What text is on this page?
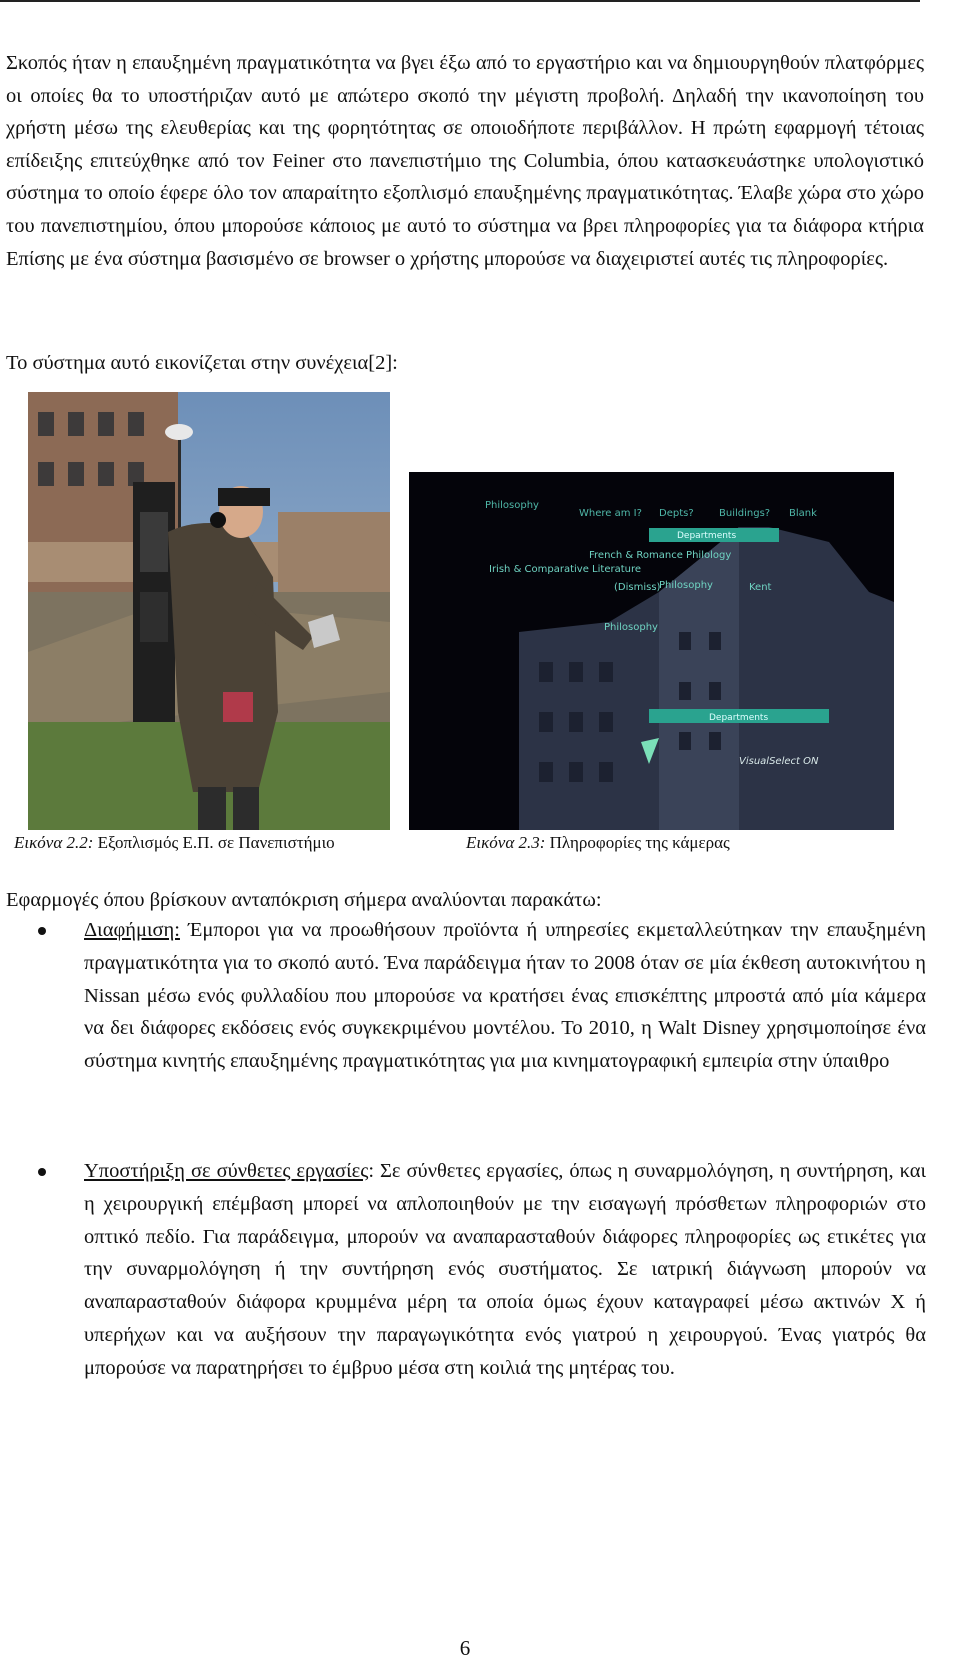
Σκοπός ήταν η επαυξημένη πραγματικότητα να βγει έξω από το εργαστήριο και να δημιουργηθούν πλατφόρμες οι οποίες θα το υποστήριζαν αυτό με απώτερο σκοπό την μέγιστη προβολή. Δηλαδή την ικανοποίηση του χρήστη μέσω της ελευθερίας και της φορητότητας σε οποιοδήποτε περιβάλλον. Η πρώτη εφαρμογή τέτοιας επίδειξης επιτεύχθηκε από τον Feiner στο πανεπιστήμιο της Columbia, όπου κατασκευάστηκε υπολογιστικό σύστημα το οποίο έφερε όλο τον απαραίτητο εξοπλισμό επαυξημένης πραγματικότητας. Έλαβε χώρα στο χώρο του πανεπιστημίου, όπου μπορούσε κάποιος με αυτό το σύστημα να βρει πληροφορίες για τα διάφορα κτήρια Επίσης με ένα σύστημα βασισμένο σε browser ο χρήστης μπορούσε να διαχειριστεί αυτές τις πληροφορίες.

Το σύστημα αυτό εικονίζεται στην συνέχεια[2]:

Philosophy
Where am I? Depts?	Buildings? Blank
Departments
French & Romance Philology
Irish & Comparative Literature
Philosophy
(Dismiss)	Kent
Philosophy
Departments
VisualSelect ON

Εικόνα 2.2: Εξοπλισμός Ε.Π. σε Πανεπιστήμιο	Εικόνα 2.3: Πληροφορίες της κάμερας

Εφαρμογές όπου βρίσκουν ανταπόκριση σήμερα αναλύονται παρακάτω:

Διαφήμιση: Έμποροι για να προωθήσουν προϊόντα ή υπηρεσίες εκμεταλλεύτηκαν την επαυξημένη πραγματικότητα για το σκοπό αυτό. Ένα παράδειγμα ήταν το 2008 όταν σε μία έκθεση αυτοκινήτου η Nissan μέσω ενός φυλλαδίου που μπορούσε να κρατήσει ένας επισκέπτης μπροστά από μία κάμερα να δει διάφορες εκδόσεις ενός συγκεκριμένου μοντέλου. Το 2010, η Walt Disney χρησιμοποίησε ένα σύστημα κινητής επαυξημένης πραγματικότητας για μια κινηματογραφική εμπειρία στην ύπαιθρο

Υποστήριξη σε σύνθετες εργασίες: Σε σύνθετες εργασίες, όπως η συναρμολόγηση, η συντήρηση, και η χειρουργική επέμβαση μπορεί να απλοποιηθούν με την εισαγωγή πρόσθετων πληροφοριών στο οπτικό πεδίο. Για παράδειγμα, μπορούν να αναπαρασταθούν διάφορες πληροφορίες ως ετικέτες για την συναρμολόγηση ή την συντήρηση ενός συστήματος. Σε ιατρική διάγνωση μπορούν να αναπαρασταθούν διάφορα κρυμμένα μέρη τα οποία όμως έχουν καταγραφεί μέσω ακτινών Χ ή υπερήχων και να αυξήσουν την παραγωγικότητα ενός γιατρού η χειρουργού. Ένας γιατρός θα μπορούσε να παρατηρήσει το έμβρυο μέσα στη κοιλιά της μητέρας του.

6
